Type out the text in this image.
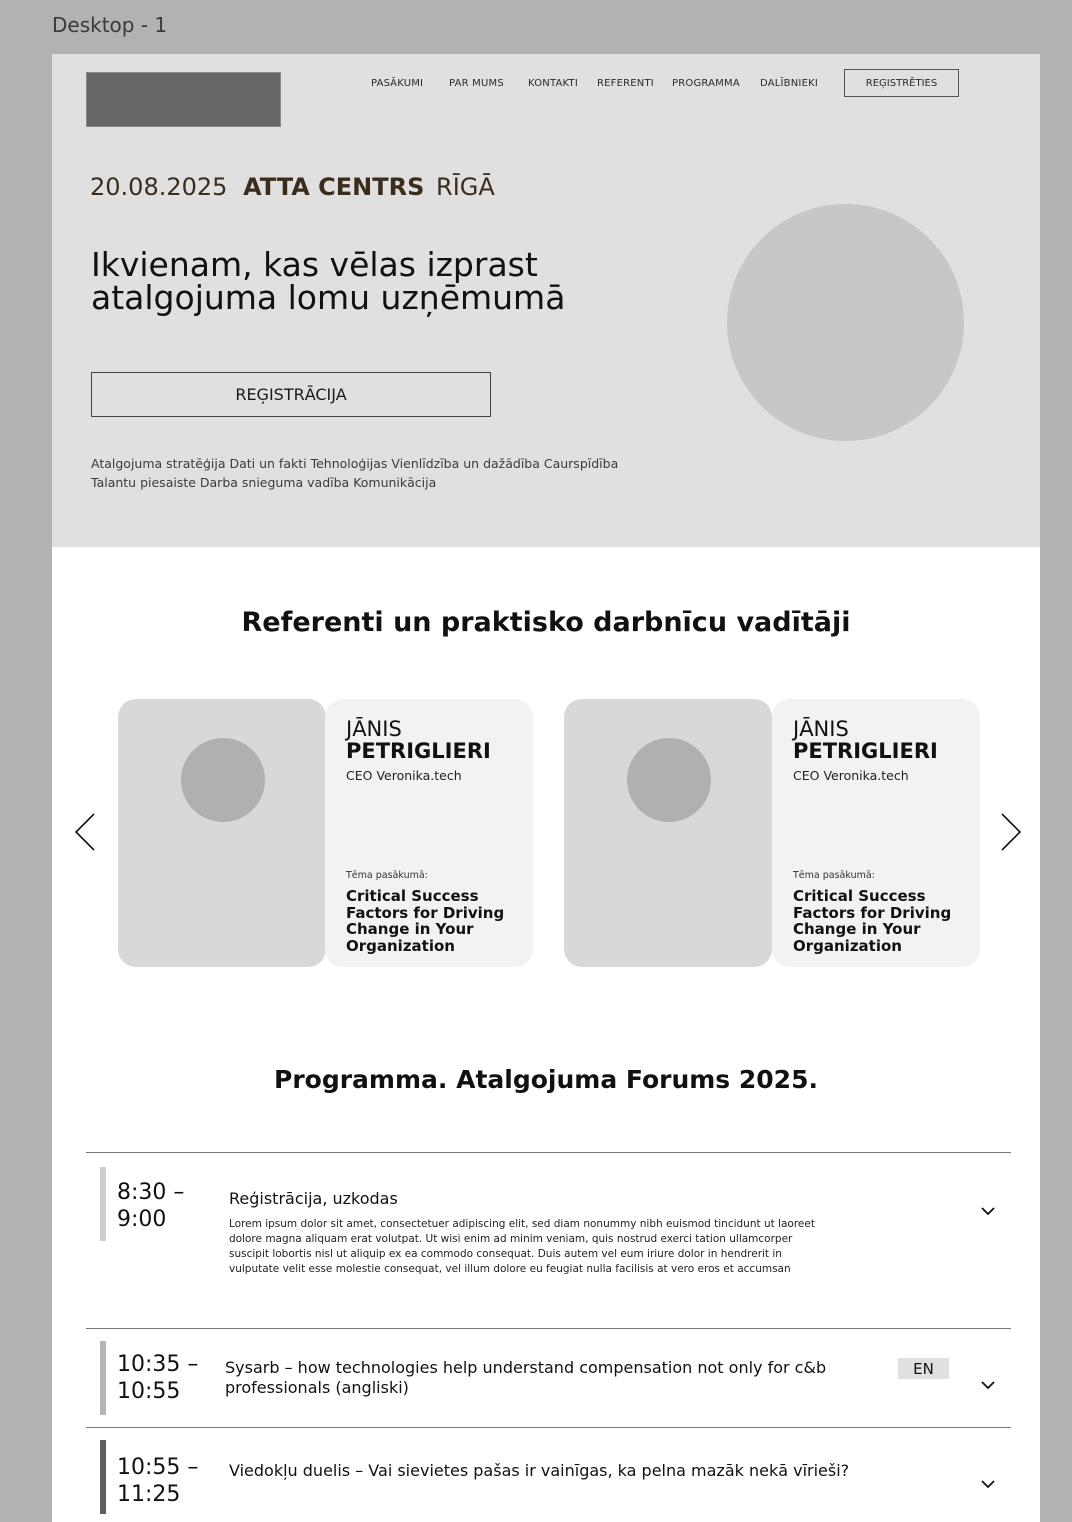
Desktop - 1
PASĀKUMI	PAR MUMS KONTAKTI REFERENTI PROGRAMMA DALĪBNIEKI	REĢISTRĒTIES
20.08.2025 ATTA CENTRS RĪGĀ
Ikvienam, kas vēlas izprast atalgojuma lomu uzņēmumā
REĢISTRĀCIJA

Atalgojuma stratēģija Dati un fakti Tehnoloģijas Vienlīdzība un dažādība Caurspīdība Talantu piesaiste Darba snieguma vadība Komunikācija

Referenti un praktisko darbnīcu vadītāji
JĀNIS
PETRIGLIERI
CEO Veronika.tech
Tēma pasākumā:
Critical Success Factors for Driving Change in Your Organization
JĀNIS
PETRIGLIERI
CEO Veronika.tech
Tēma pasākumā:
Critical Success Factors for Driving Change in Your Organization
Programma. Atalgojuma Forums 2025.
8:30 –
9:00
Reģistrācija, uzkodas
Lorem ipsum dolor sit amet, consectetuer adipiscing elit, sed diam nonummy nibh euismod tincidunt ut laoreet dolore magna aliquam erat volutpat. Ut wisi enim ad minim veniam, quis nostrud exerci tation ullamcorper suscipit lobortis nisl ut aliquip ex ea commodo consequat. Duis autem vel eum iriure dolor in hendrerit in vulputate velit esse molestie consequat, vel illum dolore eu feugiat nulla facilisis at vero eros et accumsan
10:35 –
10:55
Sysarb – how technologies help understand compensation not only for c&b professionals (angliski)
EN
10:55 –
11:25
Viedokļu duelis – Vai sievietes pašas ir vainīgas, ka pelna mazāk nekā vīrieši?
